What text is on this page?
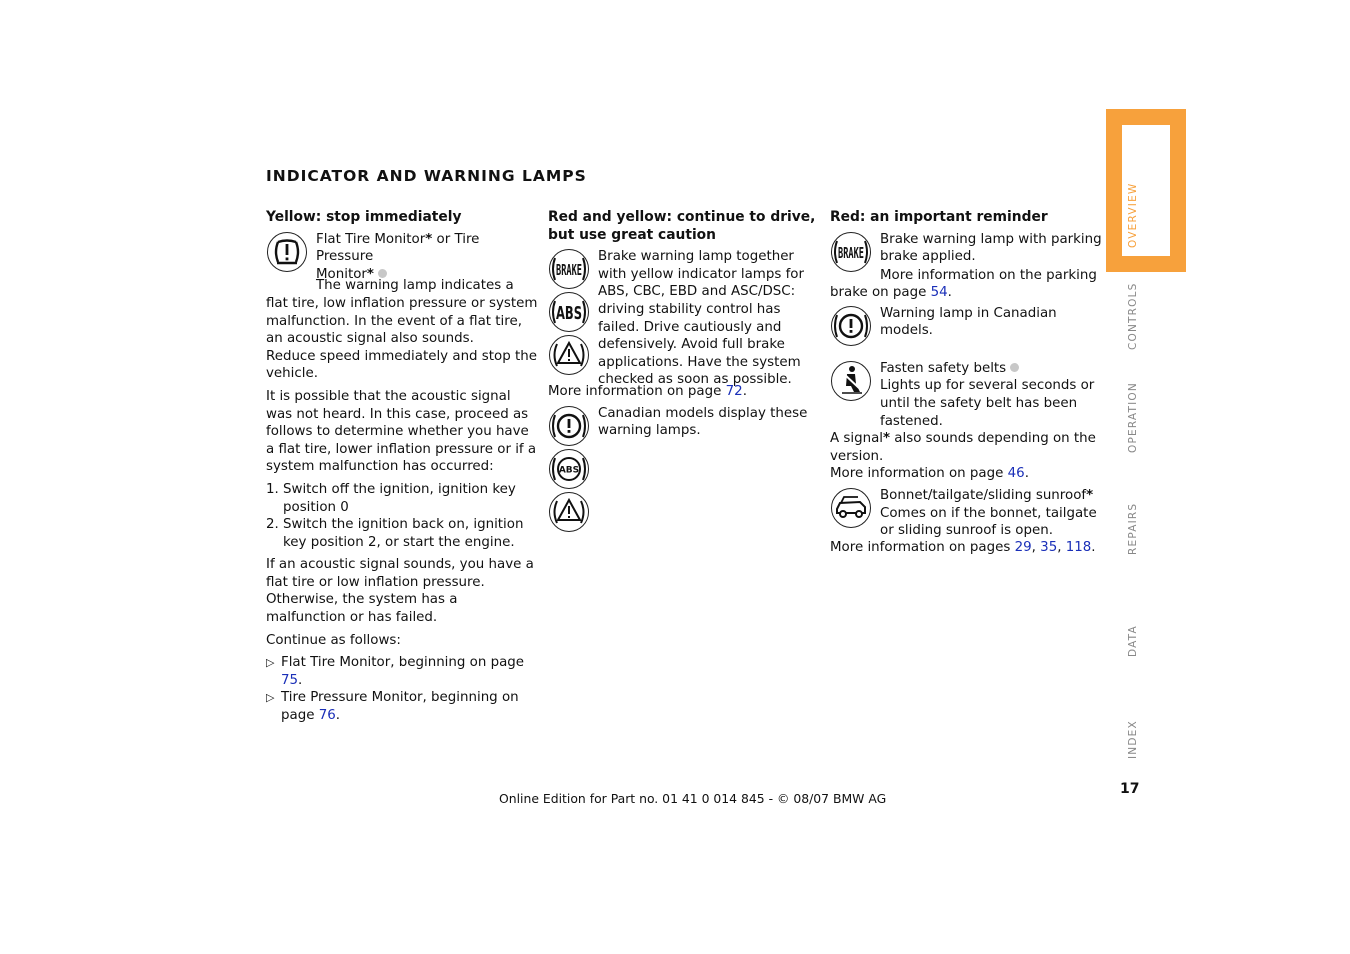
INDICATOR AND WARNING LAMPS
Yellow: stop immediately

Flat Tire Monitor* or Tire Pressure
Monitor*

The warning lamp indicates a flat tire, low inflation pressure or system malfunction. In the event of a flat tire, an acoustic signal also sounds.

Reduce speed immediately and stop the vehicle.

It is possible that the acoustic signal was not heard. In this case, proceed as follows to determine whether you have a flat tire, lower inflation pressure or if a system malfunction has occurred:

1. Switch off the ignition, ignition key position 0
2. Switch the ignition back on, ignition key position 2, or start the engine.

If an acoustic signal sounds, you have a flat tire or low inflation pressure. Otherwise, the system has a malfunction or has failed.

Continue as follows:

▷ Flat Tire Monitor, beginning on page 75.
▷ Tire Pressure Monitor, beginning on page 76.
Red and yellow: continue to drive, but use great caution
BRAKE
ABS

Brake warning lamp together with yellow indicator lamps for ABS, CBC, EBD and ASC/DSC: driving stability control has failed. Drive cautiously and defensively. Avoid full brake applications. Have the system checked as soon as possible.

More information on page 72.

ABS

Canadian models display these warning lamps.

Red: an important reminder
BRAKE

Brake warning lamp with parking brake applied.

More information on the parking brake on page 54.

Warning lamp in Canadian models.

Fasten safety belts

Lights up for several seconds or until the safety belt has been fastened.

A signal* also sounds depending on the version.

More information on page 46.

Bonnet/tailgate/sliding sunroof*

Comes on if the bonnet, tailgate or sliding sunroof is open.

More information on pages 29, 35, 118.

OVERVIEW
CONTROLS
OPERATION
REPAIRS
DATA
INDEX
17
Online Edition for Part no. 01 41 0 014 845 - © 08/07 BMW AG
